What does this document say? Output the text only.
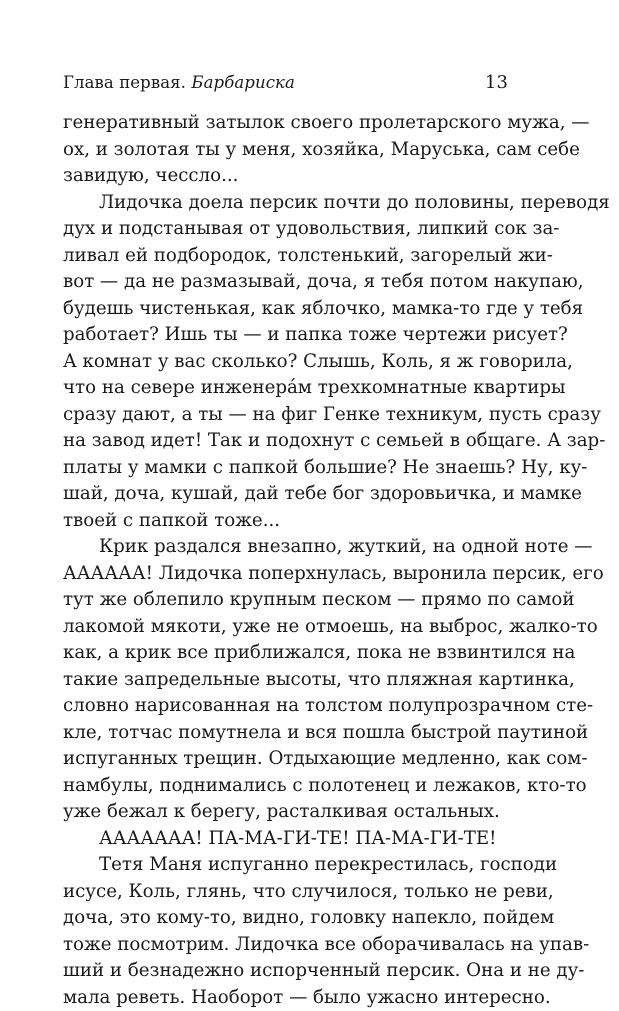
Глава первая. Барбариска	13
генеративный затылок своего пролетарского мужа, —
ох, и золотая ты у меня, хозяйка, Маруська, сам себе
завидую, чессло...
Лидочка доела персик почти до половины, переводя
дух и подстанывая от удовольствия, липкий сок за-
ливал ей подбородок, толстенький, загорелый жи-
вот — да не размазывай, доча, я тебя потом накупаю,
будешь чистенькая, как яблочко, мамка-то где у тебя
работает? Ишь ты — и папка тоже чертежи рисует?
А комнат у вас сколько? Слышь, Коль, я ж говорила,
что на севере инженера́м трехкомнатные квартиры
сразу дают, а ты — на фиг Генке техникум, пусть сразу
на завод идет! Так и подохнут с семьей в общаге. А зар-
платы у мамки с папкой большие? Не знаешь? Ну, ку-
шай, доча, кушай, дай тебе бог здоровьичка, и мамке
твоей с папкой тоже...
Крик раздался внезапно, жуткий, на одной ноте —
АААААА! Лидочка поперхнулась, выронила персик, его
тут же облепило крупным песком — прямо по самой
лакомой мякоти, уже не отмоешь, на выброс, жалко-то
как, а крик все приближался, пока не взвинтился на
такие запредельные высоты, что пляжная картинка,
словно нарисованная на толстом полупрозрачном сте-
кле, тотчас помутнела и вся пошла быстрой паутиной
испуганных трещин. Отдыхающие медленно, как сом-
намбулы, поднимались с полотенец и лежаков, кто-то
уже бежал к берегу, расталкивая остальных.
ААААААА! ПА-МА-ГИ-ТЕ! ПА-МА-ГИ-ТЕ!
Тетя Маня испуганно перекрестилась, господи
исусе, Коль, глянь, что случилося, только не реви,
доча, это кому-то, видно, головку напекло, пойдем
тоже посмотрим. Лидочка все оборачивалась на упав-
ший и безнадежно испорченный персик. Она и не ду-
мала реветь. Наоборот — было ужасно интересно.
